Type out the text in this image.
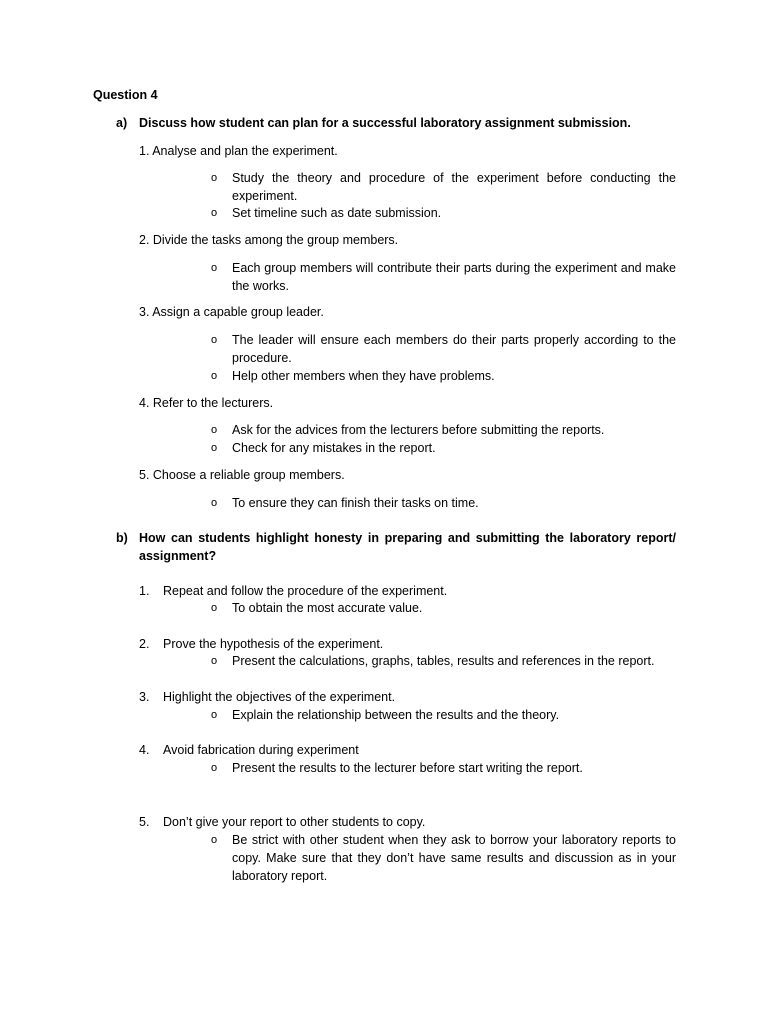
Question 4
a) Discuss how student can plan for a successful laboratory assignment submission.
1. Analyse and plan the experiment.
o Study the theory and procedure of the experiment before conducting the experiment.
o Set timeline such as date submission.
2. Divide the tasks among the group members.
o Each group members will contribute their parts during the experiment and make the works.
3. Assign a capable group leader.
o The leader will ensure each members do their parts properly according to the procedure.
o Help other members when they have problems.
4. Refer to the lecturers.
o Ask for the advices from the lecturers before submitting the reports.
o Check for any mistakes in the report.
5. Choose a reliable group members.
o To ensure they can finish their tasks on time.
b) How can students highlight honesty in preparing and submitting the laboratory report/ assignment?
1. Repeat and follow the procedure of the experiment.
o To obtain the most accurate value.
2. Prove the hypothesis of the experiment.
o Present the calculations, graphs, tables, results and references in the report.
3. Highlight the objectives of the experiment.
o Explain the relationship between the results and the theory.
4. Avoid fabrication during experiment
o Present the results to the lecturer before start writing the report.
5. Don’t give your report to other students to copy.
o Be strict with other student when they ask to borrow your laboratory reports to copy. Make sure that they don’t have same results and discussion as in your laboratory report.
